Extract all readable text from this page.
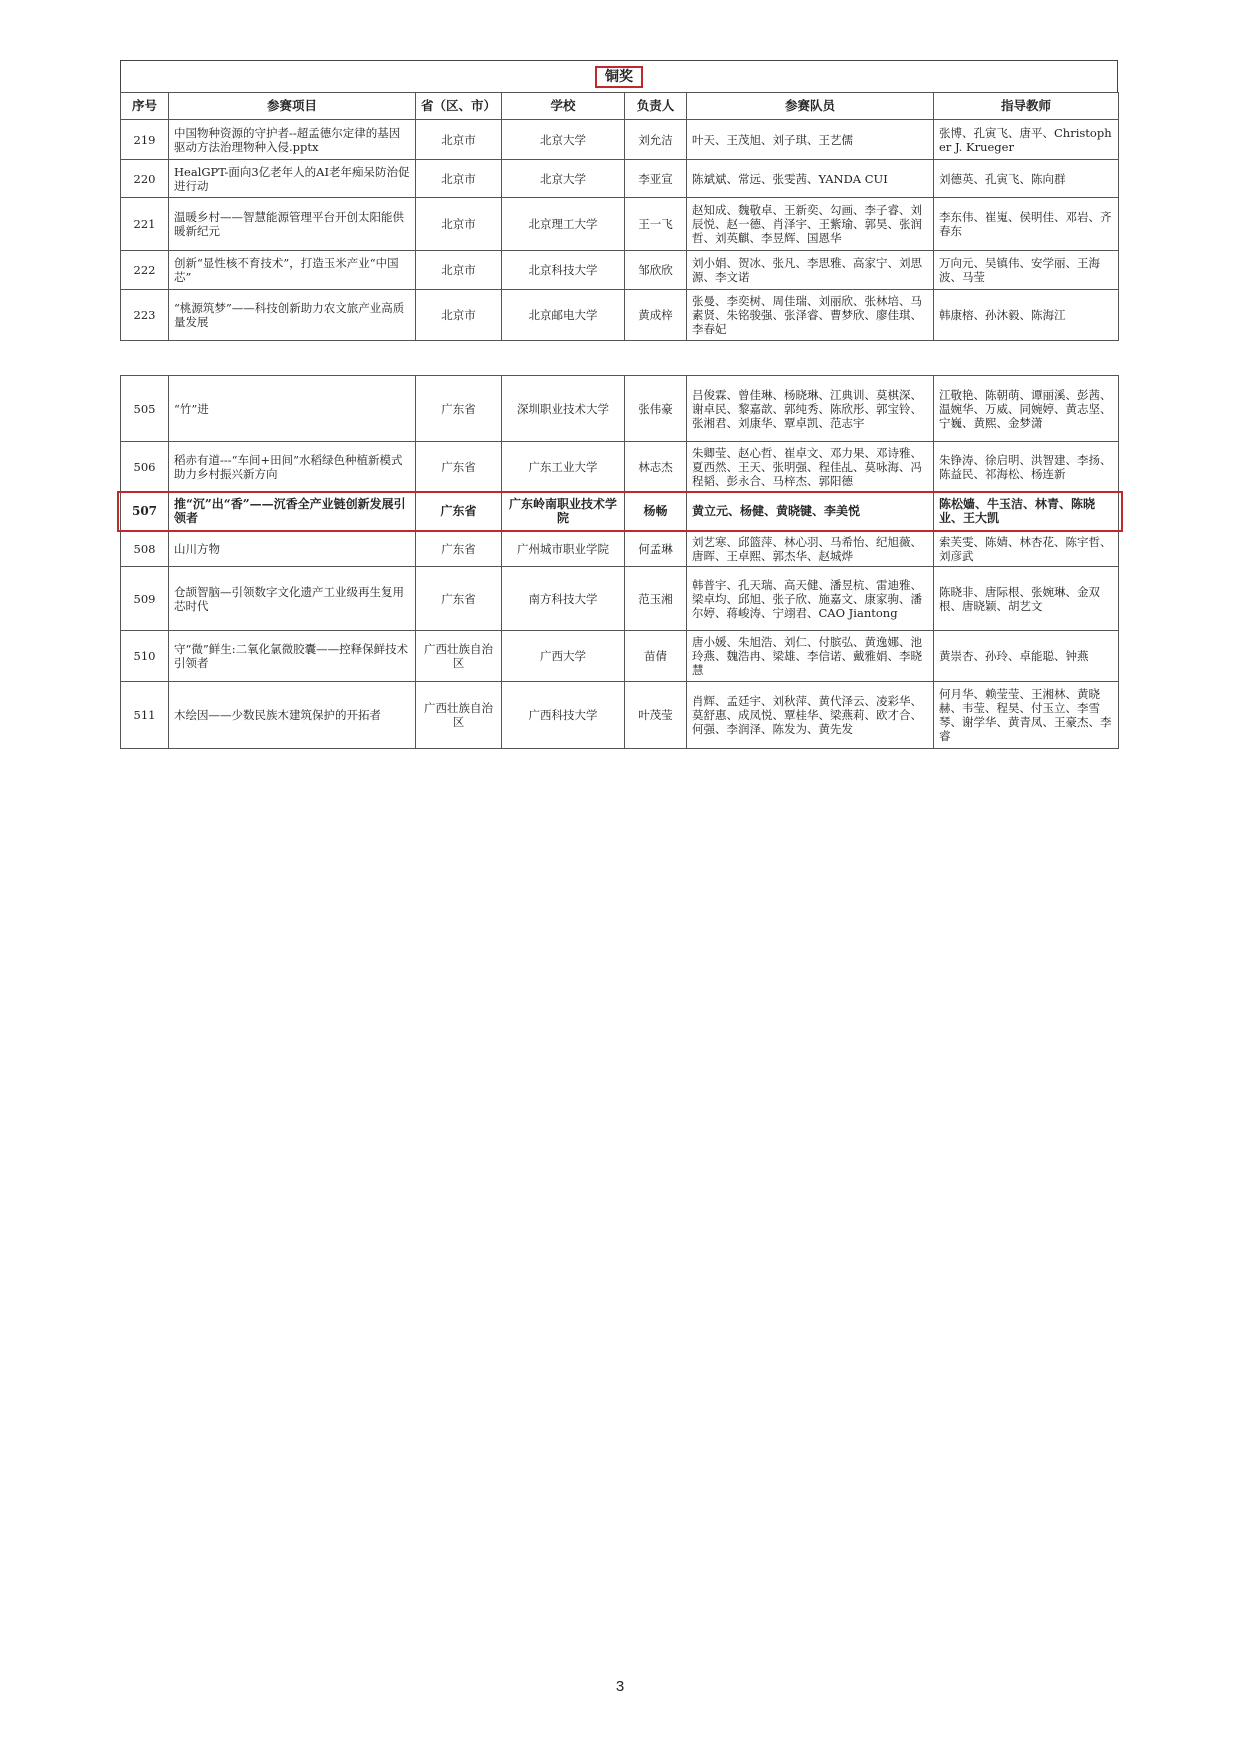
铜奖
序号	参赛项目	省（区、市）	学校	负责人	参赛队员	指导教师
219	中国物种资源的守护者--超孟德尔定律的基因驱动方法治理物种入侵.pptx	北京市	北京大学	刘允洁	叶天、王茂旭、刘子琪、王艺儒	张博、孔寅飞、唐平、Christopher J. Krueger
220	HealGPT-面向3亿老年人的AI老年痴呆防治促进行动	北京市	北京大学	李亚宣	陈斌斌、常远、张雯茜、YANDA CUI	刘德英、孔寅飞、陈向群
221	温暖乡村——智慧能源管理平台开创太阳能供暖新纪元	北京市	北京理工大学	王一飞	赵知成、魏敬卓、王新奕、勾画、李子睿、刘辰悦、赵一德、肖泽宇、王紫瑜、郭昊、张润哲、刘英麒、李昱辉、国恩华	李东伟、崔嵬、侯明佳、邓岩、齐春东
222	创新“显性核不育技术”，打造玉米产业“中国芯”	北京市	北京科技大学	邹欣欣	刘小娟、贺冰、张凡、李思雅、高家宁、刘思源、李文诺	万向元、吴镇伟、安学丽、王海波、马莹
223	“桃源筑梦”——科技创新助力农文旅产业高质量发展	北京市	北京邮电大学	黄成梓	张曼、李奕树、周佳瑞、刘丽欣、张林培、马素贤、朱铭骏强、张泽睿、曹梦欣、廖佳琪、李春妃	韩康榕、孙沐毅、陈海江
505	“竹”进	广东省	深圳职业技术大学	张伟豪	吕俊霖、曾佳琳、杨晓琳、江典训、莫棋深、谢卓民、黎嘉歆、郭纯秀、陈欣彤、郭宝铃、张湘君、刘康华、覃卓凯、范志宇	江敬艳、陈朝萌、谭丽溪、彭茜、温婉华、万威、同婉婷、黄志坚、宁巍、黄熙、金梦潇
506	稻赤有道---“车间+田间”水稻绿色种植新模式助力乡村振兴新方向	广东省	广东工业大学	林志杰	朱卿莹、赵心哲、崔卓文、邓力果、邓诗雅、夏西然、王天、张明强、程佳乩、莫咏海、冯程韬、彭永合、马梓杰、郭阳德	朱铮涛、徐启明、洪智建、李扬、陈益民、祁海松、杨连新
507	推“沉”出“香”——沉香全产业链创新发展引领者	广东省	广东岭南职业技术学院	杨畅	黄立元、杨健、黄晓键、李美悦	陈松嫱、牛玉洁、林青、陈晓业、王大凯
508	山川方物	广东省	广州城市职业学院	何孟琳	刘艺寒、邱篮萍、林心羽、马希怡、纪旭薇、唐晖、王卓熙、郭杰华、赵城烨	索芙雯、陈婧、林杏花、陈宇哲、刘彦武
509	仓颉智脑—引领数字文化遗产工业级再生复用芯时代	广东省	南方科技大学	范玉湘	韩普宇、孔天瑞、高天健、潘昱杭、雷迪雅、梁卓均、邱旭、张子欣、施嘉文、康家驹、潘尔婷、蒋峻涛、宁翊君、CAO Jiantong	陈晓非、唐际根、张婉琳、金双根、唐晓颖、胡艺文
510	守“微”鲜生:二氧化氯微胶囊——控释保鲜技术引领者	广西壮族自治区	广西大学	苗倩	唐小媛、朱旭浩、刘仁、付膑弘、黄逸娜、池玲燕、魏浩冉、梁雄、李信诺、戴雅娟、李晓慧	黄崇杏、孙玲、卓能聪、钟燕
511	木绘因——少数民族木建筑保护的开拓者	广西壮族自治区	广西科技大学	叶茂莹	肖辉、孟廷宇、刘秋萍、黄代泽云、凌彩华、莫舒惠、成凤悦、覃桂华、梁燕莉、欧才合、何强、李润泽、陈发为、黄先发	何月华、赖莹莹、王湘林、黄晓赫、韦莹、程昊、付玉立、李雪琴、谢学华、黄青凤、王豪杰、李睿
3
